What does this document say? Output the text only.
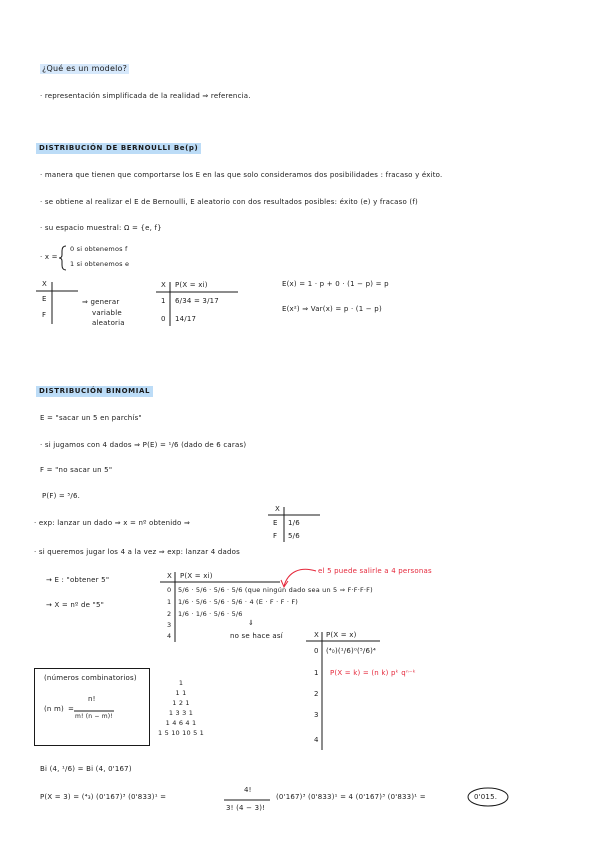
¿Qué es un modelo?
· representación simplificada de la realidad ⇒ referencia.
DISTRIBUCIÓN DE BERNOULLI Be(p)
· manera que tienen que comportarse los E en las que solo consideramos dos posibilidades : fracaso y éxito.
· se obtiene al realizar el E de Bernoulli, E aleatorio con dos resultados posibles: éxito (e) y fracaso (f)
· su espacio muestral: Ω = {e, f}
· x =
0 si obtenemos f
1 si obtenemos e
X
E
F
⇒ generar
variable
aleatoria
X P(X = xi)
1 6/34 = 3/17
0 14/17
E(x) = 1 · p + 0 · (1 − p) = p
E(x²) ⇒ Var(x) = p · (1 − p)
DISTRIBUCIÓN BINOMIAL
E = "sacar un 5 en parchís"
· si jugamos con 4 dados ⇒ P(E) = ¹/6 (dado de 6 caras)
F = "no sacar un 5"
P(F) = ⁵/6.
· exp: lanzar un dado ⇒ x = nº obtenido ⇒
X
E 1/6
F 5/6
· si queremos jugar los 4 a la vez ⇒ exp: lanzar 4 dados
→ E : "obtener 5"
→ X = nº de "5"
X P(X = xi)
0 5/6 · 5/6 · 5/6 · 5/6 (que ningún dado sea un 5 ⇒ F·F·F·F)
1 1/6 · 5/6 · 5/6 · 5/6 · 4 (E · F · F · F)
2 1/6 · 1/6 · 5/6 · 5/6
3
4
el 5 puede salirle a 4 personas
⇓
no se hace así	X P(X = x)
0 (⁴₀)(¹/6)⁰(⁵/6)⁴
1 P(X = k) = (n k) pᵏ qⁿ⁻ᵏ
2
3
4
(números combinatorios)
(n m) =
n!
m! (n − m)!
1
1 1
1 2 1
1 3 3 1
1 4 6 4 1
1 5 10 10 5 1
Bi (4, ¹/6) = Bi (4, 0'167)
P(X = 3) = (⁴₃) (0'167)³ (0'833)¹ =
4!
3! (4 − 3)!
(0'167)³ (0'833)¹ = 4 (0'167)³ (0'833)¹ =	0'015.
